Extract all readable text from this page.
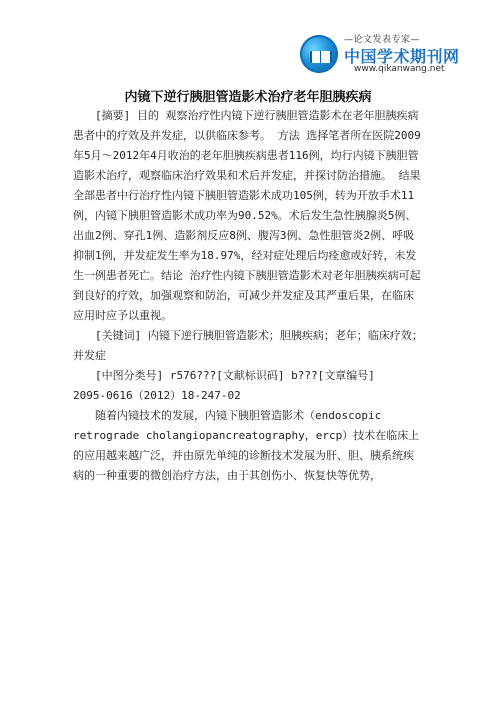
—论文发表专家—
中国学术期刊网
www.qikanwang.net
内镜下逆行胰胆管造影术治疗老年胆胰疾病

[摘要] 目的 观察治疗性内镜下逆行胰胆管造影术在老年胆胰疾病患者中的疗效及并发症，以供临床参考。 方法 选择笔者所在医院2009年5月～2012年4月收治的老年胆胰疾病患者116例，均行内镜下胰胆管造影术治疗，观察临床治疗效果和术后并发症，并探讨防治措施。 结果 全部患者中行治疗性内镜下胰胆管造影术成功105例，转为开放手术11例，内镜下胰胆管造影术成功率为90.52%。术后发生急性胰腺炎5例、出血2例、穿孔1例、造影剂反应8例、腹泻3例、急性胆管炎2例、呼吸抑制1例，并发症发生率为18.97%，经对症处理后均痊愈或好转，未发生一例患者死亡。结论 治疗性内镜下胰胆管造影术对老年胆胰疾病可起到良好的疗效，加强观察和防治，可减少并发症及其严重后果，在临床应用时应予以重视。

[关键词] 内镜下逆行胰胆管造影术；胆胰疾病；老年；临床疗效；并发症

[中图分类号] r576???[文献标识码] b???[文章编号]

2095-0616（2012）18-247-02

随着内镜技术的发展，内镜下胰胆管造影术（endoscopic retrograde cholangiopancreatography，ercp）技术在临床上的应用越来越广泛，并由原先单纯的诊断技术发展为肝、胆、胰系统疾病的一种重要的微创治疗方法，由于其创伤小、恢复快等优势，
